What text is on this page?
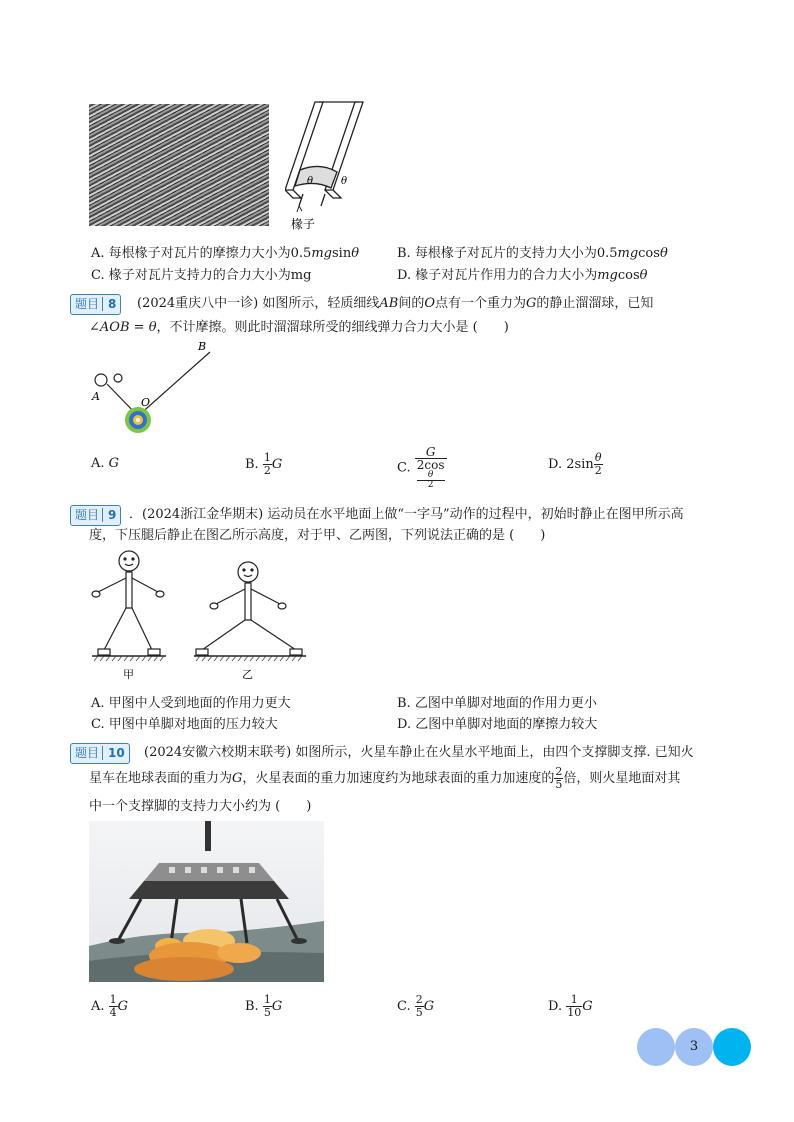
θ	θ
椽子
A. 每根椽子对瓦片的摩擦力大小为0.5mgsinθ	B. 每根椽子对瓦片的支持力大小为0.5mgcosθ
C. 椽子对瓦片支持力的合力大小为mg	D. 椽子对瓦片作用力的合力大小为mgcosθ
题目 8	(2024重庆八中一诊) 如图所示，轻质细线AB间的O点有一个重力为G的静止溜溜球，已知
∠AOB = θ，不计摩擦。则此时溜溜球所受的细线弹力合力大小是 (　　)
A
B
O
A. G	B. $\frac{1}{2}$ G	C. G
2cos
θ
2	D. $2\sin \frac{\theta}{2}$
题目 9 ．(2024浙江金华期末) 运动员在水平地面上做“一字马”动作的过程中，初始时静止在图甲所示高
度，下压腿后静止在图乙所示高度，对于甲、乙两图，下列说法正确的是 (　　)
甲	乙
A. 甲图中人受到地面的作用力更大	B. 乙图中单脚对地面的作用力更小
C. 甲图中单脚对地面的压力较大	D. 乙图中单脚对地面的摩擦力较大
题目 10	(2024安徽六校期末联考) 如图所示，火星车静止在火星水平地面上，由四个支撑脚支撑. 已知火
星车在地球表面的重力为G，火星表面的重力加速度约为地球表面的重力加速度的 $\frac{2}{5}$ 倍，则火星地面对其
中一个支撑脚的支持力大小约为 (　　)
A. $\frac{1}{4}$ G	B. $\frac{1}{5}$ G	C. $\frac{2}{5}$ G	D. $\frac{1}{10}$ G
3
